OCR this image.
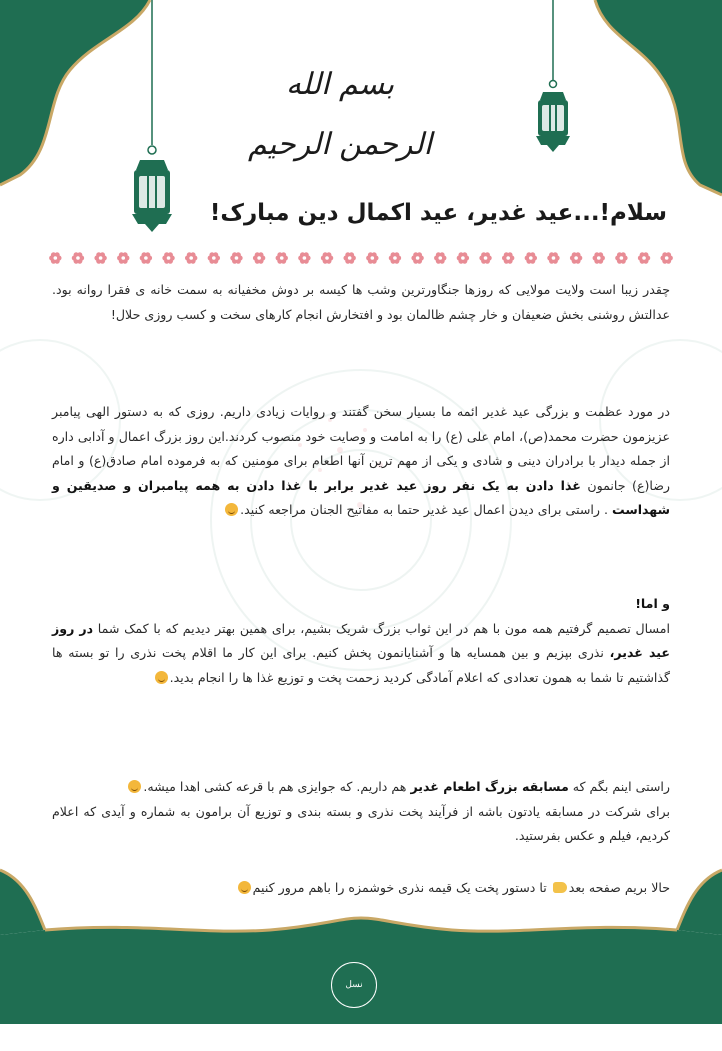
بسم الله الرحمن الرحیم
سلام!...عید غدیر، عید اکمال دین مبارک!
چقدر زیبا است ولایت مولایی که روزها جنگاورترین وشب ها کیسه بر دوش مخفیانه به سمت خانه ی فقرا روانه بود. عدالتش روشنی بخش ضعیفان و خار چشم ظالمان بود و افتخارش انجام کارهای سخت و کسب روزی حلال!
در مورد عظمت و بزرگی عید غدیر ائمه ما بسیار سخن گفتند و روایات زیادی داریم. روزی که به دستور الهی پیامبر عزیزمون حضرت محمد(ص)، امام علی (ع) را به امامت و وصایت خود منصوب کردند.این روز بزرگ اعمال و آدابی داره از جمله دیدار با برادران دینی و شادی و یکی از مهم ترین آنها اطعام برای مومنین که به فرموده امام صادق(ع) و امام رضا(ع) جانمون غذا دادن به یک نفر روز عید غدیر برابر با غذا دادن به همه پیامبران و صدیقین و شهداست . راستی برای دیدن اعمال عید غدیر حتما به مفاتیح الجنان مراجعه کنید.
و اما!
امسال تصمیم گرفتیم همه مون با هم در این ثواب بزرگ شریک بشیم، برای همین بهتر دیدیم که با کمک شما در روز عید غدیر، نذری بپزیم و بین همسایه ها و آشنایانمون پخش کنیم. برای این کار ما اقلام پخت نذری را تو بسته ها گذاشتیم تا شما به همون تعدادی که اعلام آمادگی کردید زحمت پخت و توزیع غذا ها را انجام بدید.
راستی اینم بگم که مسابقه بزرگ اطعام غدیر هم داریم. که جوایزی هم با قرعه کشی اهدا میشه.
برای شرکت در مسابقه یادتون باشه از فرآیند پخت نذری و بسته بندی و توزیع آن برامون به شماره و آیدی که اعلام کردیم، فیلم و عکس بفرستید.
حالا بریم صفحه بعد تا دستور پخت یک قیمه نذری خوشمزه را باهم مرور کنیم
نسل المهدی
